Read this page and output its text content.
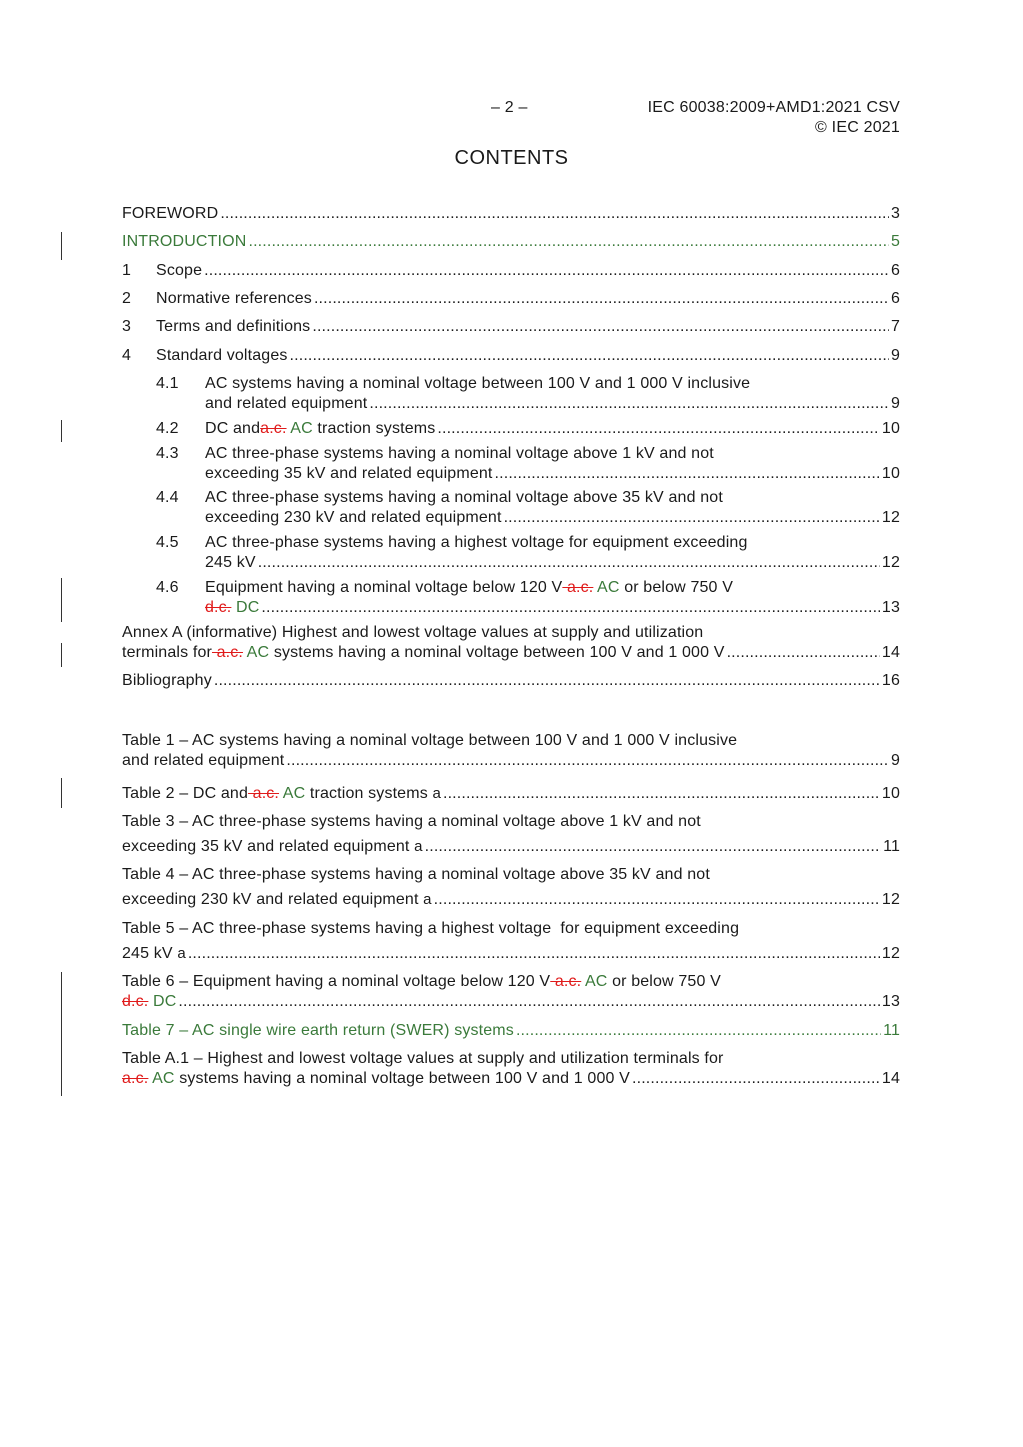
– 2 –	IEC 60038:2009+AMD1:2021 CSV
© IEC 2021
CONTENTS
FOREWORD .....	3
INTRODUCTION .....	5
1	Scope .....	6
2	Normative references .....	6
3	Terms and definitions .....	7
4	Standard voltages .....	9
4.1	AC systems having a nominal voltage between 100 V and 1 000 V inclusive
and related equipment .....	9
4.2	DC and a.c. AC traction systems .....	10
4.3	AC three-phase systems having a nominal voltage above 1 kV and not
exceeding 35 kV and related equipment .....	10
4.4	AC three-phase systems having a nominal voltage above 35 kV and not
exceeding 230 kV and related equipment .....	12
4.5	AC three-phase systems having a highest voltage for equipment exceeding
245 kV .....	12
4.6	Equipment having a nominal voltage below 120 V a.c. AC or below 750 V
d.c. DC .....	13
Annex A (informative) Highest and lowest voltage values at supply and utilization
terminals for a.c. AC systems having a nominal voltage between 100 V and 1 000 V .....	14
Bibliography .....	16
Table 1 – AC systems having a nominal voltage between 100 V and 1 000 V inclusive
and related equipment .....	9
Table 2 – DC and a.c. AC traction systems a .....	10
Table 3 – AC three-phase systems having a nominal voltage above 1 kV and not
exceeding 35 kV and related equipment a .....	11
Table 4 – AC three-phase systems having a nominal voltage above 35 kV and not
exceeding 230 kV and related equipment a .....	12
Table 5 – AC three-phase systems having a highest voltage  for equipment exceeding
245 kV a .....	12
Table 6 – Equipment having a nominal voltage below 120 V a.c. AC or below 750 V
d.c. DC .....	13
Table 7 – AC single wire earth return (SWER) systems .....	11
Table A.1 – Highest and lowest voltage values at supply and utilization terminals for
a.c. AC systems having a nominal voltage between 100 V and 1 000 V .....	14
